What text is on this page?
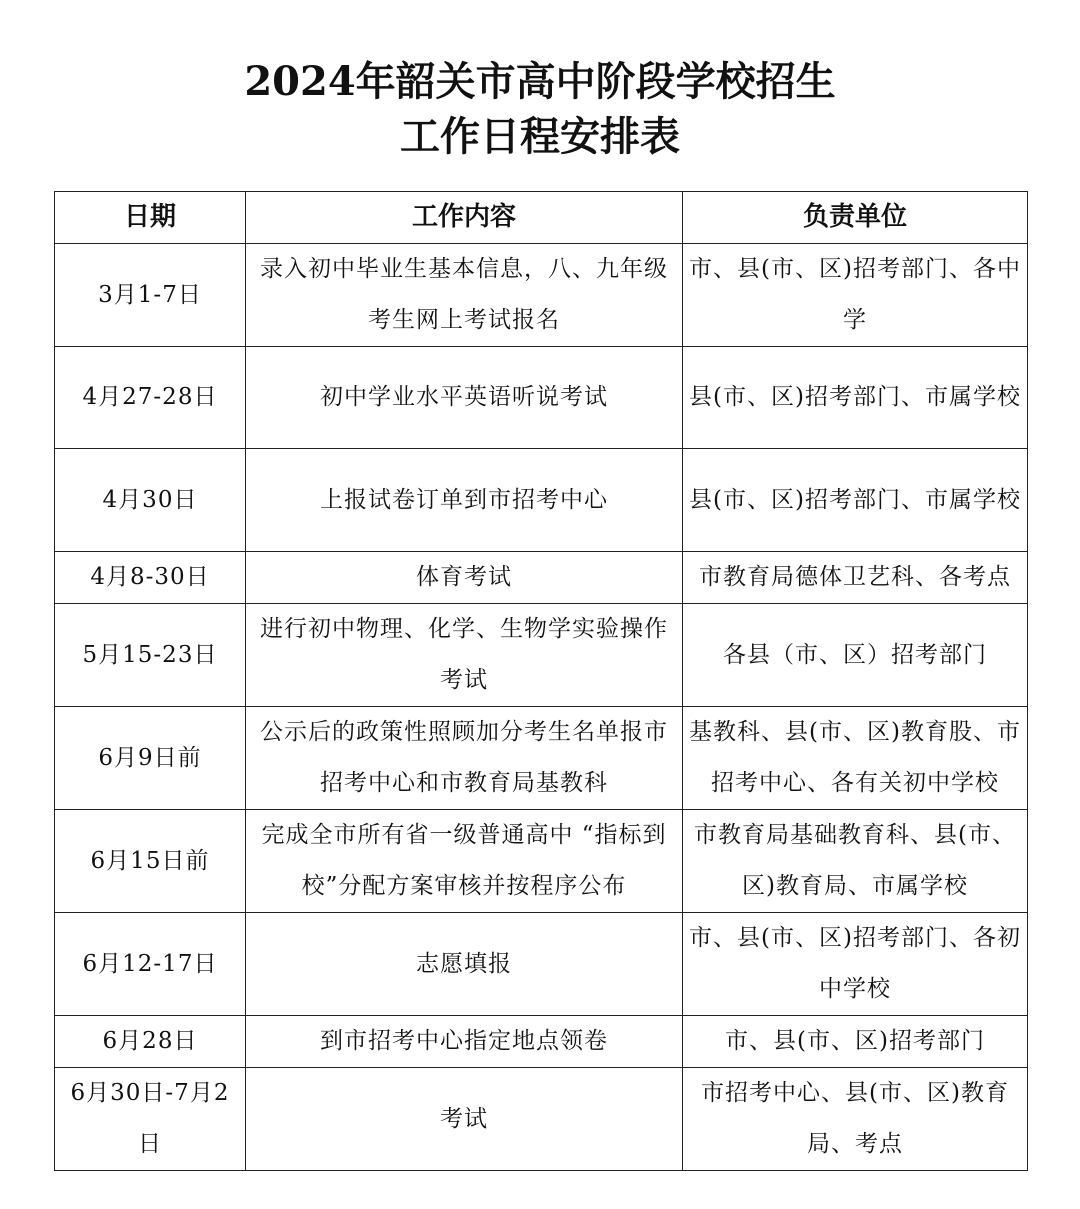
2024年韶关市高中阶段学校招生
工作日程安排表
日期	工作内容	负责单位
3月1-7日	录入初中毕业生基本信息，八、九年级考生网上考试报名	市、县(市、区)招考部门、各中学
4月27-28日	初中学业水平英语听说考试	县(市、区)招考部门、市属学校
4月30日	上报试卷订单到市招考中心	县(市、区)招考部门、市属学校
4月8-30日	体育考试	市教育局德体卫艺科、各考点
5月15-23日	进行初中物理、化学、生物学实验操作考试	各县（市、区）招考部门
6月9日前	公示后的政策性照顾加分考生名单报市招考中心和市教育局基教科	基教科、县(市、区)教育股、市招考中心、各有关初中学校
6月15日前	完成全市所有省一级普通高中 “指标到校”分配方案审核并按程序公布	市教育局基础教育科、县(市、区)教育局、市属学校
6月12-17日	志愿填报	市、县(市、区)招考部门、各初中学校
6月28日	到市招考中心指定地点领卷	市、县(市、区)招考部门
6月30日-7月2日	考试	市招考中心、县(市、区)教育局、考点
